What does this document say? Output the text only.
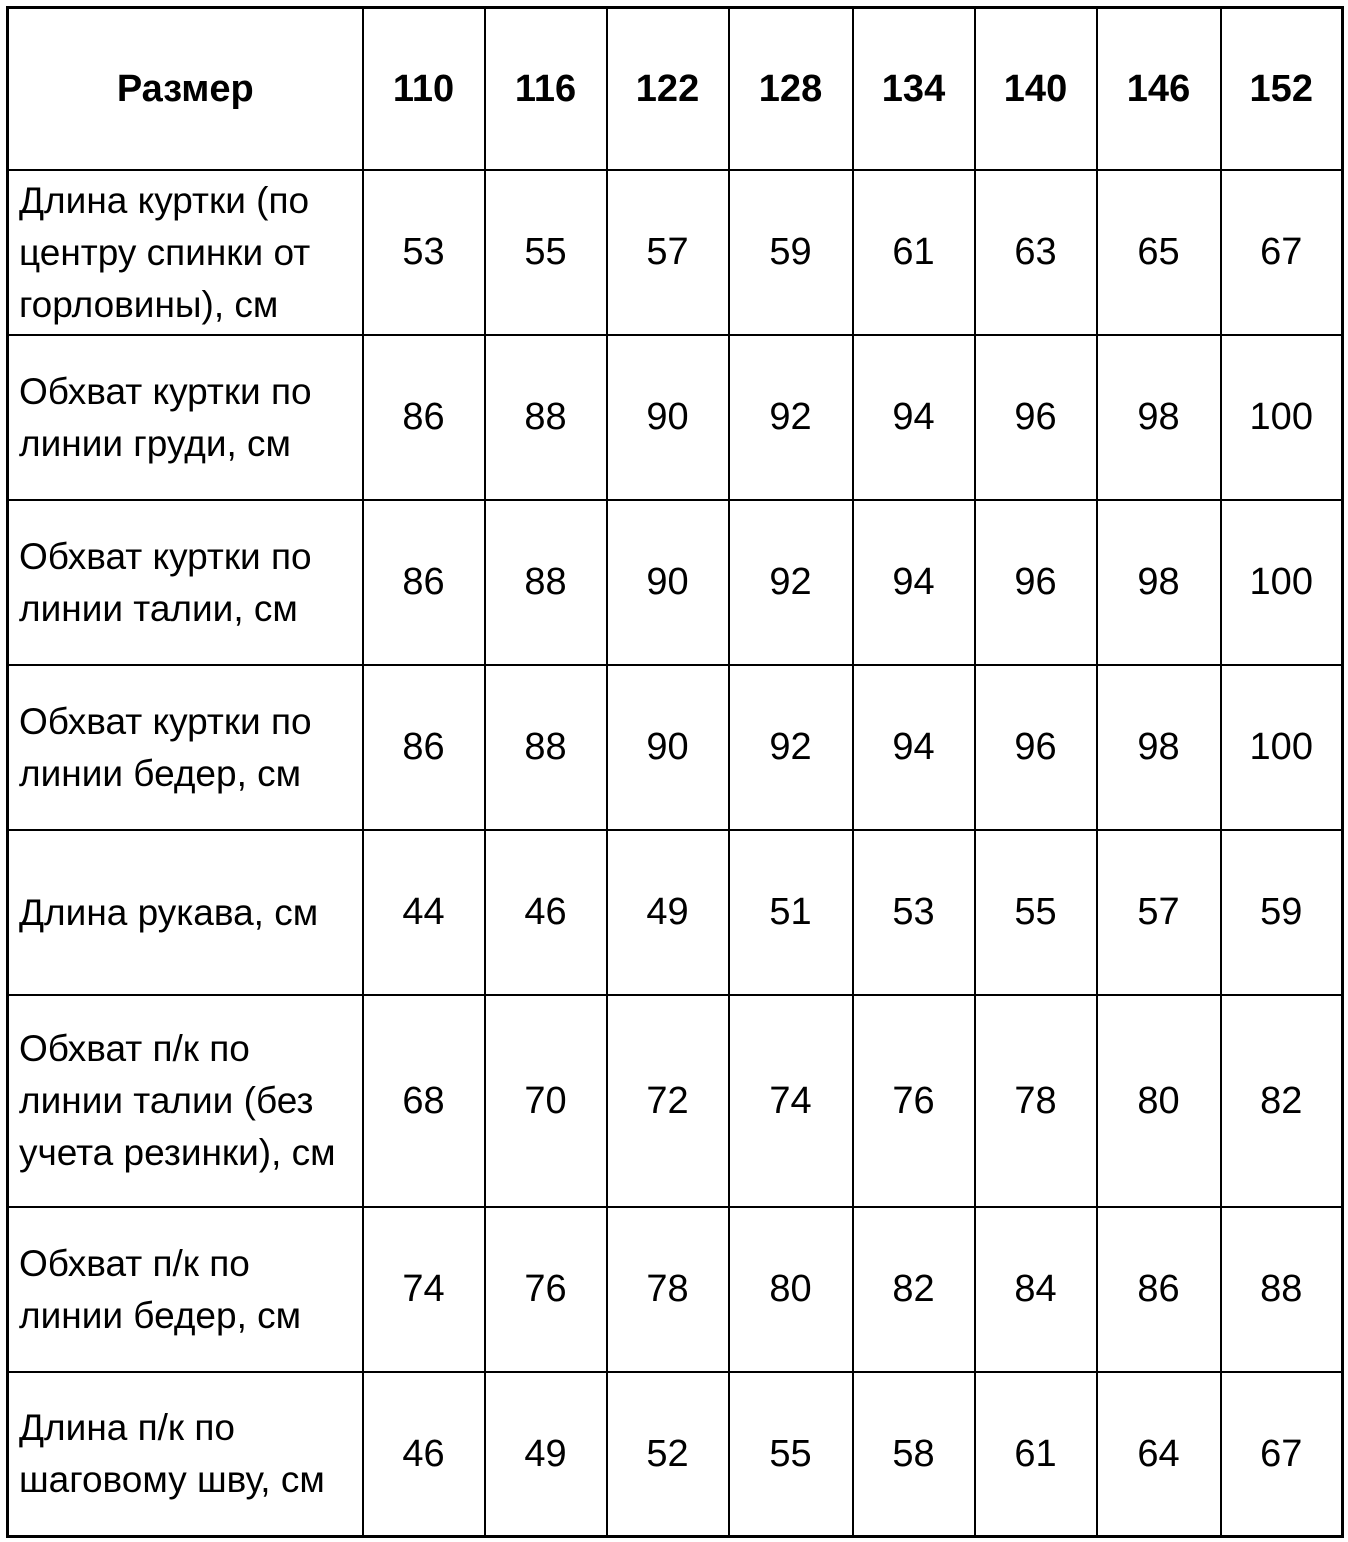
Размер	110	116	122	128	134	140	146	152
Длина куртки (по центру спинки от горловины), см	53	55	57	59	61	63	65	67
Обхват куртки по линии груди, см	86	88	90	92	94	96	98	100
Обхват куртки по линии талии, см	86	88	90	92	94	96	98	100
Обхват куртки по линии бедер, см	86	88	90	92	94	96	98	100
Длина рукава, см	44	46	49	51	53	55	57	59
Обхват п/к по линии талии (без учета резинки), см	68	70	72	74	76	78	80	82
Обхват п/к по линии бедер, см	74	76	78	80	82	84	86	88
Длина п/к по шаговому шву, см	46	49	52	55	58	61	64	67
